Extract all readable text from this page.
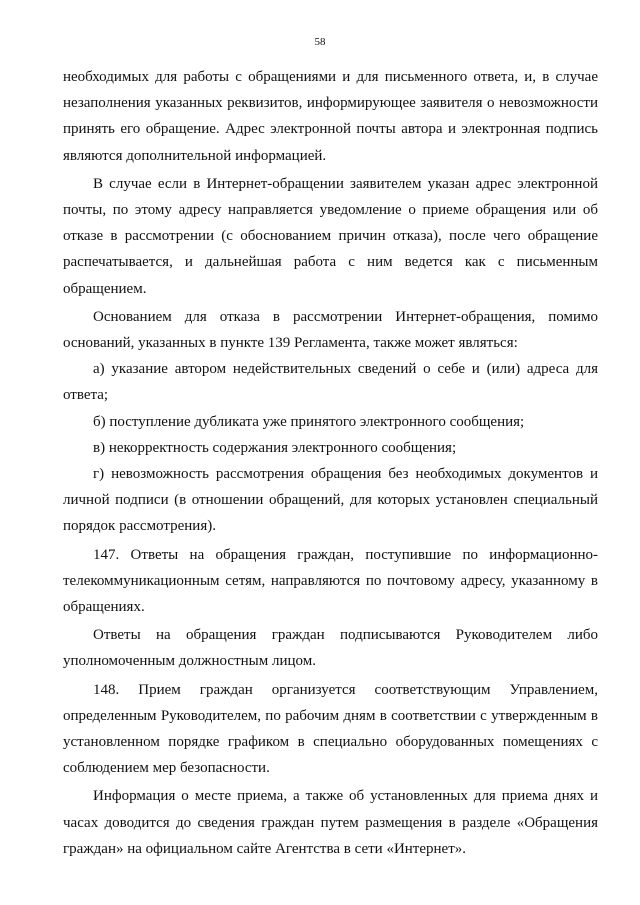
58

необходимых для работы с обращениями и для письменного ответа, и, в случае незаполнения указанных реквизитов, информирующее заявителя о невозможности принять его обращение. Адрес электронной почты автора и электронная подпись являются дополнительной информацией.

В случае если в Интернет-обращении заявителем указан адрес электронной почты, по этому адресу направляется уведомление о приеме обращения или об отказе в рассмотрении (с обоснованием причин отказа), после чего обращение распечатывается, и дальнейшая работа с ним ведется как с письменным обращением.

Основанием для отказа в рассмотрении Интернет-обращения, помимо оснований, указанных в пункте 139 Регламента, также может являться:

а) указание автором недействительных сведений о себе и (или) адреса для ответа;

б) поступление дубликата уже принятого электронного сообщения;

в) некорректность содержания электронного сообщения;

г) невозможность рассмотрения обращения без необходимых документов и личной подписи (в отношении обращений, для которых установлен специальный порядок рассмотрения).

147. Ответы на обращения граждан, поступившие по информационно-телекоммуникационным сетям, направляются по почтовому адресу, указанному в обращениях.

Ответы на обращения граждан подписываются Руководителем либо уполномоченным должностным лицом.

148. Прием граждан организуется соответствующим Управлением, определенным Руководителем, по рабочим дням в соответствии с утвержденным в установленном порядке графиком в специально оборудованных помещениях с соблюдением мер безопасности.

Информация о месте приема, а также об установленных для приема днях и часах доводится до сведения граждан путем размещения в разделе «Обращения граждан» на официальном сайте Агентства в сети «Интернет».
